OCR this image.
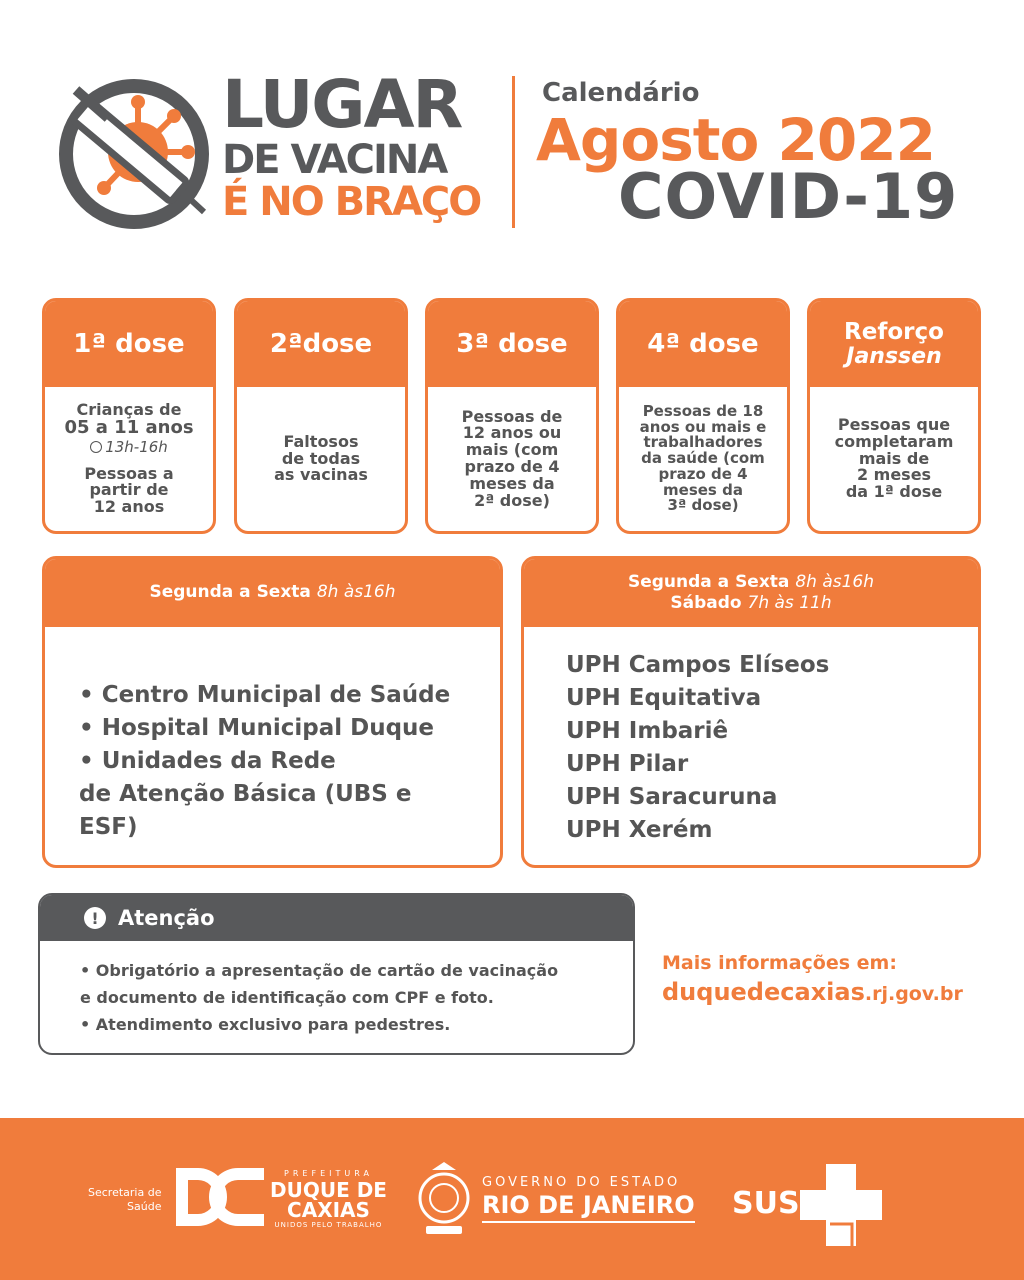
LUGAR
DE VACINA
É NO BRAÇO
Calendário
Agosto 2022
COVID-19
1ª dose
Crianças de
05 a 11 anos
13h-16h
Pessoas a
partir de
12 anos
2ªdose
Faltosos
de todas
as vacinas
3ª dose
Pessoas de
12 anos ou
mais (com
prazo de 4
meses da
2ª dose)
4ª dose
Pessoas de 18
anos ou mais e
trabalhadores
da saúde (com
prazo de 4
meses da
3ª dose)
Reforço
Janssen
Pessoas que
completaram
mais de
2 meses
da 1ª dose
Segunda a Sexta 8h às16h
• Centro Municipal de Saúde
• Hospital Municipal Duque
• Unidades da Rede
de Atenção Básica (UBS e ESF)
Segunda a Sexta 8h às16h
Sábado 7h às 11h
UPH Campos Elíseos
UPH Equitativa
UPH Imbariê
UPH Pilar
UPH Saracuruna
UPH Xerém
! Atenção
• Obrigatório a apresentação de cartão de vacinação
e documento de identificação com CPF e foto.
• Atendimento exclusivo para pedestres.
Mais informações em:
duquedecaxias.rj.gov.br
Secretaria de
Saúde
PREFEITURA
DUQUE DE
CAXIAS
UNIDOS PELO TRABALHO
GOVERNO DO ESTADO
RIO DE JANEIRO SUS
